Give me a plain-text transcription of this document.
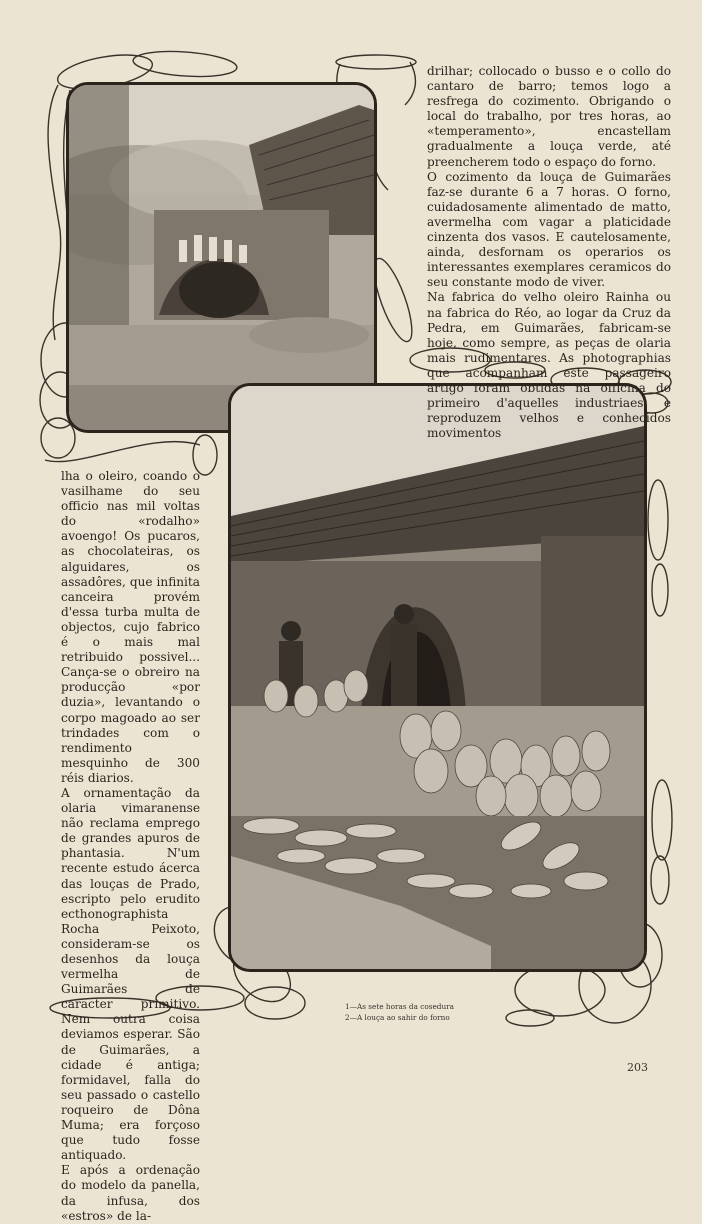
drilhar; collocado o busso e o collo do cantaro de barro; temos logo a resfrega do cozimento. Obrigando o local do trabalho, por tres horas, ao «temperamento», encastellam gradualmente a louça verde, até preencherem todo o espaço do forno.
O cozimento da louça de Guimarães faz-se durante 6 a 7 horas. O forno, cuidadosamente alimentado de matto, avermelha com vagar a platicidade cinzenta dos vasos. E cautelosamente, ainda, desfornam os operarios os interessantes exemplares ceramicos do seu constante modo de viver.
Na fabrica do velho oleiro Rainha ou na fabrica do Réo, ao logar da Cruz da Pedra, em Guimarães, fabricam-se hoje, como sempre, as peças de olaria mais rudimentares. As photographias que acompanham este passageiro artigo foram obtidas na officina do primeiro d'aquelles industriaes, e reproduzem velhos e conhecidos movimentos

lha o oleiro, coando o vasilhame do seu officio nas mil voltas do «rodalho» avoengo! Os pucaros, as chocolateiras, os alguidares, os assadôres, que infinita canceira provém d'essa turba multa de objectos, cujo fabrico é o mais mal retribuido possivel... Cança-se o obreiro na producção «por duzia», levantando o corpo magoado ao ser trindades com o rendimento mesquinho de 300 réis diarios.
A ornamentação da olaria vimaranense não reclama emprego de grandes apuros de phantasia. N'um recente estudo ácerca das louças de Prado, escripto pelo erudito ecthonographista Rocha Peixoto, consideram-se os desenhos da louça vermelha de Guimarães de caracter primitivo. Nem outra coisa deviamos esperar. São de Guimarães, a cidade é antiga; formidavel, falla do seu passado o castello roqueiro de Dôna Muma; era forçoso que tudo fosse antiquado.
E após a ordenação do modelo da panella, da infusa, dos «estros» de la-

1—As sete horas da cosedura

2—A louça ao sahir do forno

203
